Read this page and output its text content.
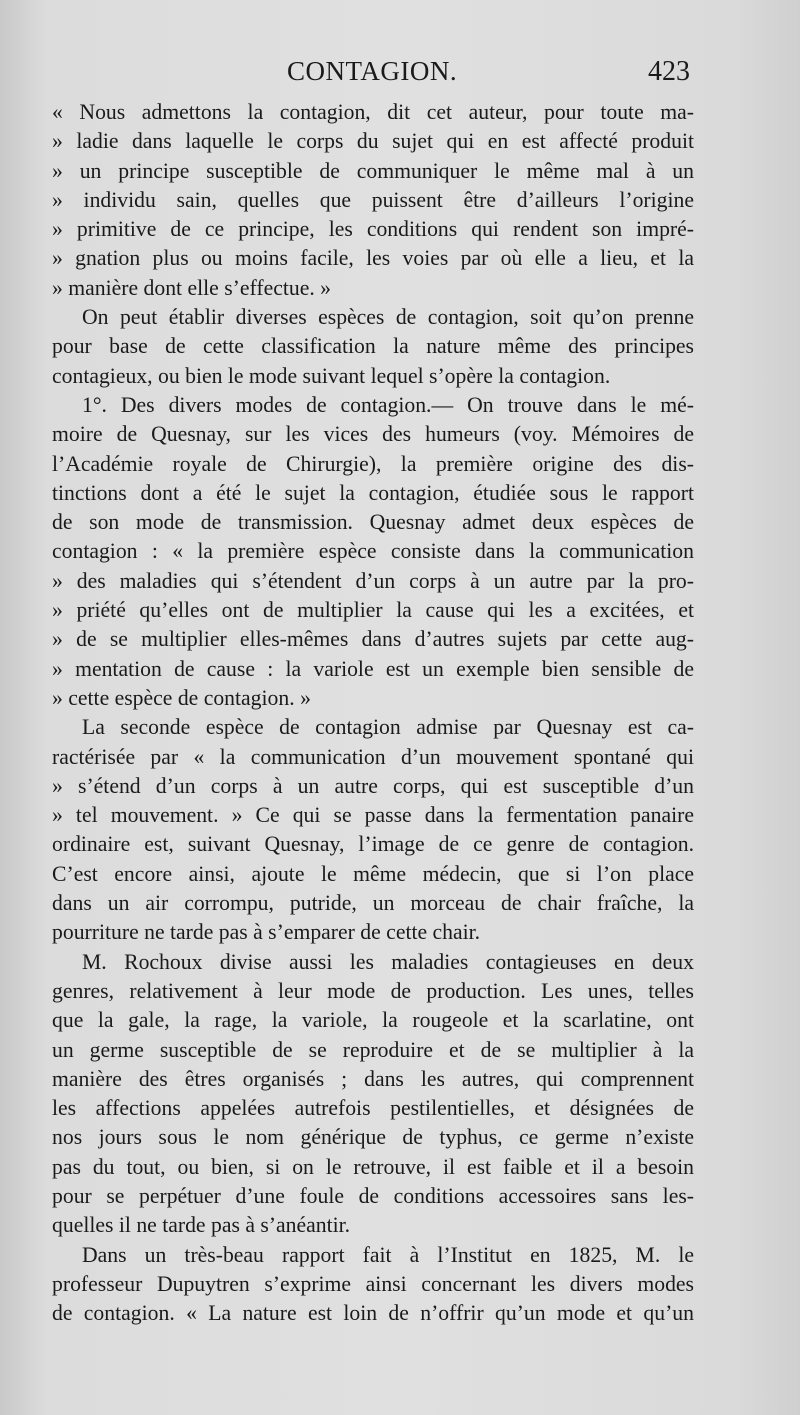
CONTAGION.	423
« Nous admettons la contagion, dit cet auteur, pour toute ma-
» ladie dans laquelle le corps du sujet qui en est affecté produit
» un principe susceptible de communiquer le même mal à un
» individu sain, quelles que puissent être d’ailleurs l’origine
» primitive de ce principe, les conditions qui rendent son impré-
» gnation plus ou moins facile, les voies par où elle a lieu, et la
» manière dont elle s’effectue. »
On peut établir diverses espèces de contagion, soit qu’on prenne
pour base de cette classification la nature même des principes
contagieux, ou bien le mode suivant lequel s’opère la contagion.
1°. Des divers modes de contagion.— On trouve dans le mé-
moire de Quesnay, sur les vices des humeurs (voy. Mémoires de
l’Académie royale de Chirurgie), la première origine des dis-
tinctions dont a été le sujet la contagion, étudiée sous le rapport
de son mode de transmission. Quesnay admet deux espèces de
contagion : « la première espèce consiste dans la communication
» des maladies qui s’étendent d’un corps à un autre par la pro-
» priété qu’elles ont de multiplier la cause qui les a excitées, et
» de se multiplier elles-mêmes dans d’autres sujets par cette aug-
» mentation de cause : la variole est un exemple bien sensible de
» cette espèce de contagion. »
La seconde espèce de contagion admise par Quesnay est ca-
ractérisée par « la communication d’un mouvement spontané qui
» s’étend d’un corps à un autre corps, qui est susceptible d’un
» tel mouvement. » Ce qui se passe dans la fermentation panaire
ordinaire est, suivant Quesnay, l’image de ce genre de contagion.
C’est encore ainsi, ajoute le même médecin, que si l’on place
dans un air corrompu, putride, un morceau de chair fraîche, la
pourriture ne tarde pas à s’emparer de cette chair.
M. Rochoux divise aussi les maladies contagieuses en deux
genres, relativement à leur mode de production. Les unes, telles
que la gale, la rage, la variole, la rougeole et la scarlatine, ont
un germe susceptible de se reproduire et de se multiplier à la
manière des êtres organisés ; dans les autres, qui comprennent
les affections appelées autrefois pestilentielles, et désignées de
nos jours sous le nom générique de typhus, ce germe n’existe
pas du tout, ou bien, si on le retrouve, il est faible et il a besoin
pour se perpétuer d’une foule de conditions accessoires sans les-
quelles il ne tarde pas à s’anéantir.
Dans un très-beau rapport fait à l’Institut en 1825, M. le
professeur Dupuytren s’exprime ainsi concernant les divers modes
de contagion. « La nature est loin de n’offrir qu’un mode et qu’un
